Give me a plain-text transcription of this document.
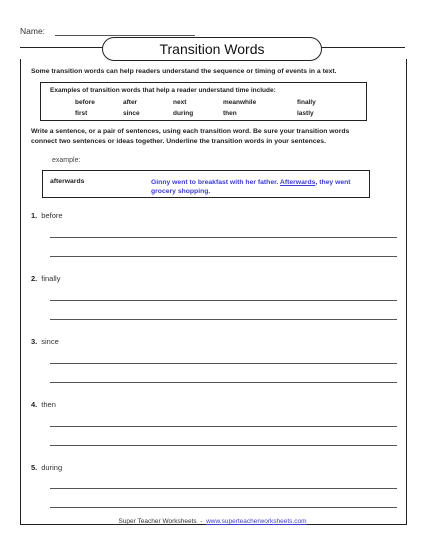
Name:
Transition Words
Some transition words can help readers understand the sequence or timing of events in a text.
Examples of transition words that help a reader understand time include:
before	after	next	meanwhile	finally
first	since	during	then	lastly
Write a sentence, or a pair of sentences, using each transition word. Be sure your transition words
connect two sentences or ideas together. Underline the transition words in your sentences.
example:
afterwards	Ginny went to breakfast with her father. Afterwards, they went grocery shopping.
1. before
2. finally
3. since
4. then
5. during
Super Teacher Worksheets - www.superteacherworksheets.com
